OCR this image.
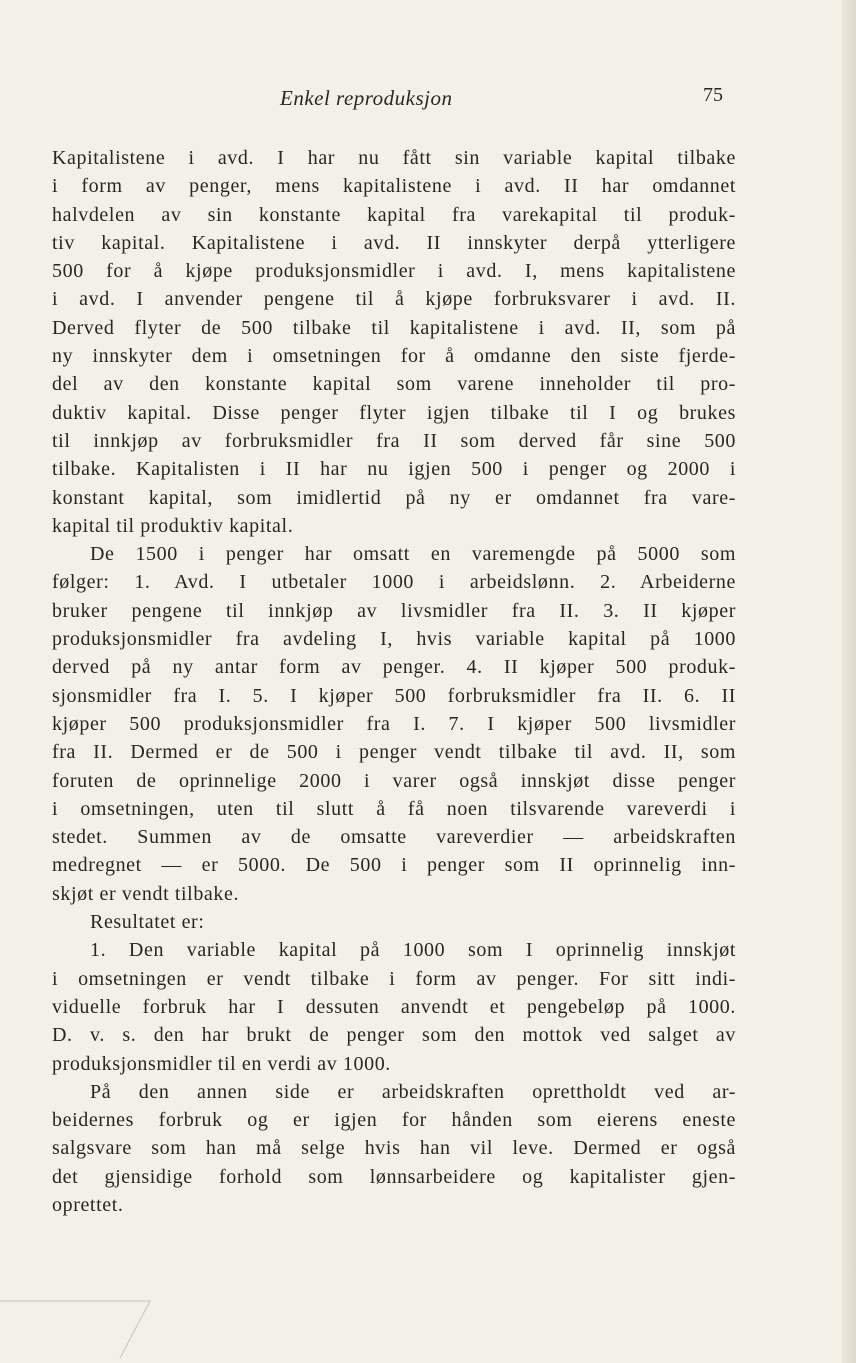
Enkel reproduksjon	75
Kapitalistene i avd. I har nu fått sin variable kapital tilbake
i form av penger, mens kapitalistene i avd. II har omdannet
halvdelen av sin konstante kapital fra varekapital til produk-
tiv kapital. Kapitalistene i avd. II innskyter derpå ytterligere
500 for å kjøpe produksjonsmidler i avd. I, mens kapitalistene
i avd. I anvender pengene til å kjøpe forbruksvarer i avd. II.
Derved flyter de 500 tilbake til kapitalistene i avd. II, som på
ny innskyter dem i omsetningen for å omdanne den siste fjerde-
del av den konstante kapital som varene inneholder til pro-
duktiv kapital. Disse penger flyter igjen tilbake til I og brukes
til innkjøp av forbruksmidler fra II som derved får sine 500
tilbake. Kapitalisten i II har nu igjen 500 i penger og 2000 i
konstant kapital, som imidlertid på ny er omdannet fra vare-
kapital til produktiv kapital.
De 1500 i penger har omsatt en varemengde på 5000 som
følger: 1. Avd. I utbetaler 1000 i arbeidslønn. 2. Arbeiderne
bruker pengene til innkjøp av livsmidler fra II. 3. II kjøper
produksjonsmidler fra avdeling I, hvis variable kapital på 1000
derved på ny antar form av penger. 4. II kjøper 500 produk-
sjonsmidler fra I. 5. I kjøper 500 forbruksmidler fra II. 6. II
kjøper 500 produksjonsmidler fra I. 7. I kjøper 500 livsmidler
fra II. Dermed er de 500 i penger vendt tilbake til avd. II, som
foruten de oprinnelige 2000 i varer også innskjøt disse penger
i omsetningen, uten til slutt å få noen tilsvarende vareverdi i
stedet. Summen av de omsatte vareverdier — arbeidskraften
medregnet — er 5000. De 500 i penger som II oprinnelig inn-
skjøt er vendt tilbake.
Resultatet er:
1. Den variable kapital på 1000 som I oprinnelig innskjøt
i omsetningen er vendt tilbake i form av penger. For sitt indi-
viduelle forbruk har I dessuten anvendt et pengebeløp på 1000.
D. v. s. den har brukt de penger som den mottok ved salget av
produksjonsmidler til en verdi av 1000.
På den annen side er arbeidskraften oprettholdt ved ar-
beidernes forbruk og er igjen for hånden som eierens eneste
salgsvare som han må selge hvis han vil leve. Dermed er også
det gjensidige forhold som lønnsarbeidere og kapitalister gjen-
oprettet.
